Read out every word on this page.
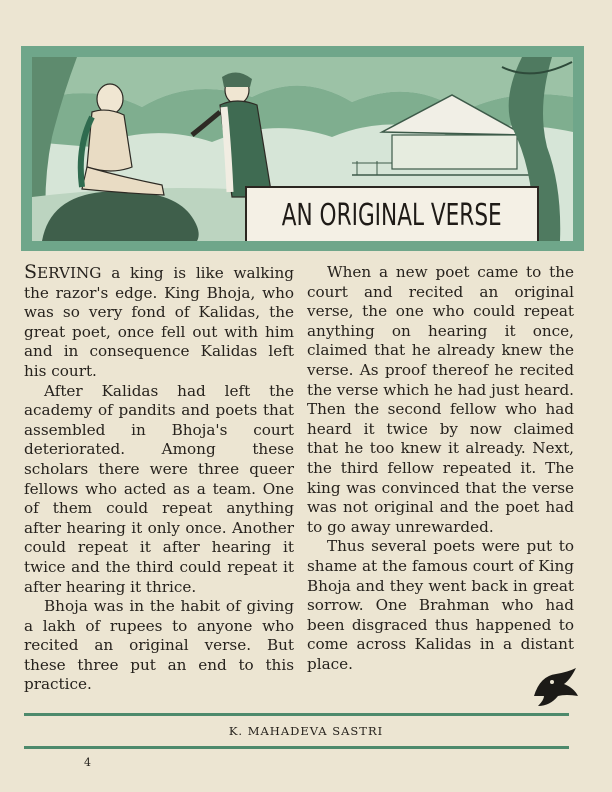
AN ORIGINAL VERSE

SERVING a king is like walking the razor's edge. King Bhoja, who was so very fond of Kalidas, the great poet, once fell out with him and in consequence Kalidas left his court.

After Kalidas had left the academy of pandits and poets that assembled in Bhoja's court deteriorated. Among these scholars there were three queer fellows who acted as a team. One of them could repeat anything after hearing it only once. Another could repeat it after hearing it twice and the third could repeat it after hearing it thrice.

Bhoja was in the habit of giving a lakh of rupees to anyone who recited an original verse. But these three put an end to this practice.

When a new poet came to the court and recited an original verse, the one who could repeat anything on hearing it once, claimed that he already knew the verse. As proof thereof he recited the verse which he had just heard. Then the second fellow who had heard it twice by now claimed that he too knew it already. Next, the third fellow repeated it. The king was convinced that the verse was not original and the poet had to go away unrewarded.

Thus several poets were put to shame at the famous court of King Bhoja and they went back in great sorrow. One Brahman who had been disgraced thus happened to come across Kalidas in a distant place.

K. MAHADEVA SASTRI
4
